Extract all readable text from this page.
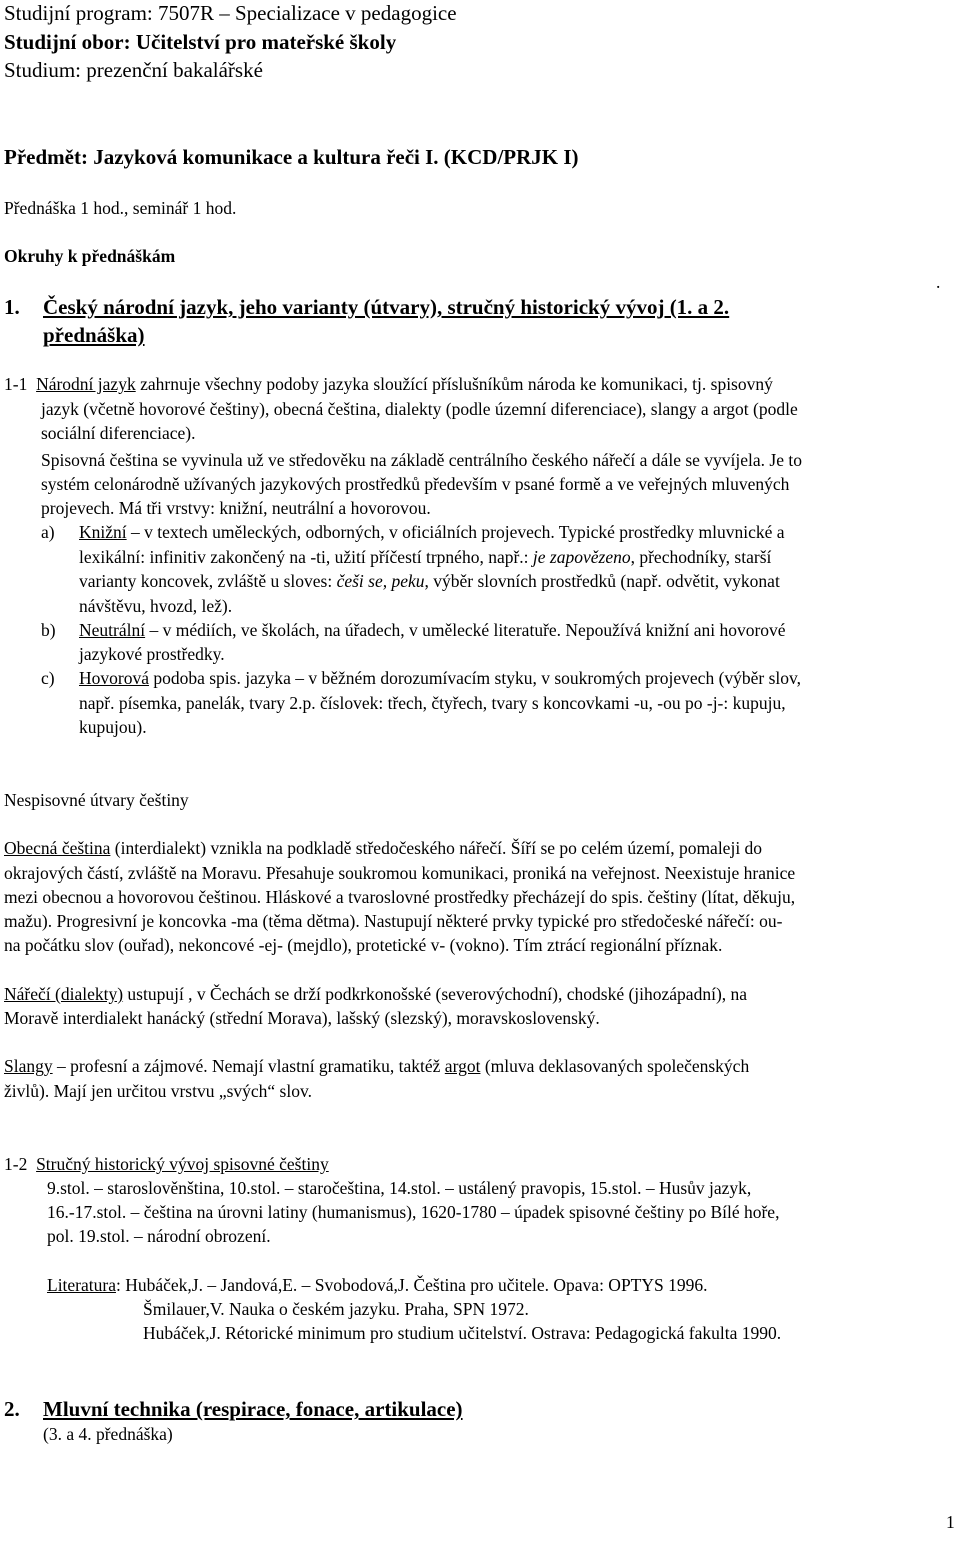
Studijní program: 7507R – Specializace v pedagogice
Studijní obor: Učitelství pro mateřské školy
Studium: prezenční bakalářské
Předmět: Jazyková komunikace a kultura řeči I. (KCD/PRJK I)
Přednáška 1 hod., seminář 1 hod.
Okruhy k přednáškám
.
1. Český národní jazyk, jeho varianty (útvary), stručný historický vývoj (1. a 2.
přednáška)
1-1 Národní jazyk zahrnuje všechny podoby jazyka sloužící příslušníkům národa ke komunikaci, tj. spisovný
jazyk (včetně hovorové češtiny), obecná čeština, dialekty (podle územní diferenciace), slangy a argot (podle
sociální diferenciace).
Spisovná čeština se vyvinula už ve středověku na základě centrálního českého nářečí a dále se vyvíjela. Je to
systém celonárodně užívaných jazykových prostředků především v psané formě a ve veřejných mluvených
projevech. Má tři vrstvy: knižní, neutrální a hovorovou.
a) Knižní – v textech uměleckých, odborných, v oficiálních projevech. Typické prostředky mluvnické a
lexikální: infinitiv zakončený na -ti, užití příčestí trpného, např.: je zapovězeno, přechodníky, starší
varianty koncovek, zvláště u sloves: češi se, peku, výběr slovních prostředků (např. odvětit, vykonat
návštěvu, hvozd, lež).
b) Neutrální – v médiích, ve školách, na úřadech, v umělecké literatuře. Nepoužívá knižní ani hovorové
jazykové prostředky.
c) Hovorová podoba spis. jazyka – v běžném dorozumívacím styku, v soukromých projevech (výběr slov,
např. písemka, panelák, tvary 2.p. číslovek: třech, čtyřech, tvary s koncovkami -u, -ou po -j-: kupuju,
kupujou).
Nespisovné útvary češtiny
Obecná čeština (interdialekt) vznikla na podkladě středočeského nářečí. Šíří se po celém území, pomaleji do
okrajových částí, zvláště na Moravu. Přesahuje soukromou komunikaci, proniká na veřejnost. Neexistuje hranice
mezi obecnou a hovorovou češtinou. Hláskové a tvaroslovné prostředky přecházejí do spis. češtiny (lítat, děkuju,
mažu). Progresivní je koncovka -ma (těma dětma). Nastupují některé prvky typické pro středočeské nářečí: ou-
na počátku slov (ouřad), nekoncové -ej- (mejdlo), protetické v- (vokno). Tím ztrácí regionální příznak.
Nářečí (dialekty) ustupují , v Čechách se drží podkrkonošské (severovýchodní), chodské (jihozápadní), na
Moravě interdialekt hanácký (střední Morava), lašský (slezský), moravskoslovenský.
Slangy – profesní a zájmové. Nemají vlastní gramatiku, taktéž argot (mluva deklasovaných společenských
živlů). Mají jen určitou vrstvu „svých“ slov.
1-2 Stručný historický vývoj spisovné češtiny
9.stol. – staroslověnština, 10.stol. – staročeština, 14.stol. – ustálený pravopis, 15.stol. – Husův jazyk,
16.-17.stol. – čeština na úrovni latiny (humanismus), 1620-1780 – úpadek spisovné češtiny po Bílé hoře,
pol. 19.stol. – národní obrození.
Literatura: Hubáček,J. – Jandová,E. – Svobodová,J. Čeština pro učitele. Opava: OPTYS 1996.
Šmilauer,V. Nauka o českém jazyku. Praha, SPN 1972.
Hubáček,J. Rétorické minimum pro studium učitelství. Ostrava: Pedagogická fakulta 1990.
2. Mluvní technika (respirace, fonace, artikulace)
(3. a 4. přednáška)
1
